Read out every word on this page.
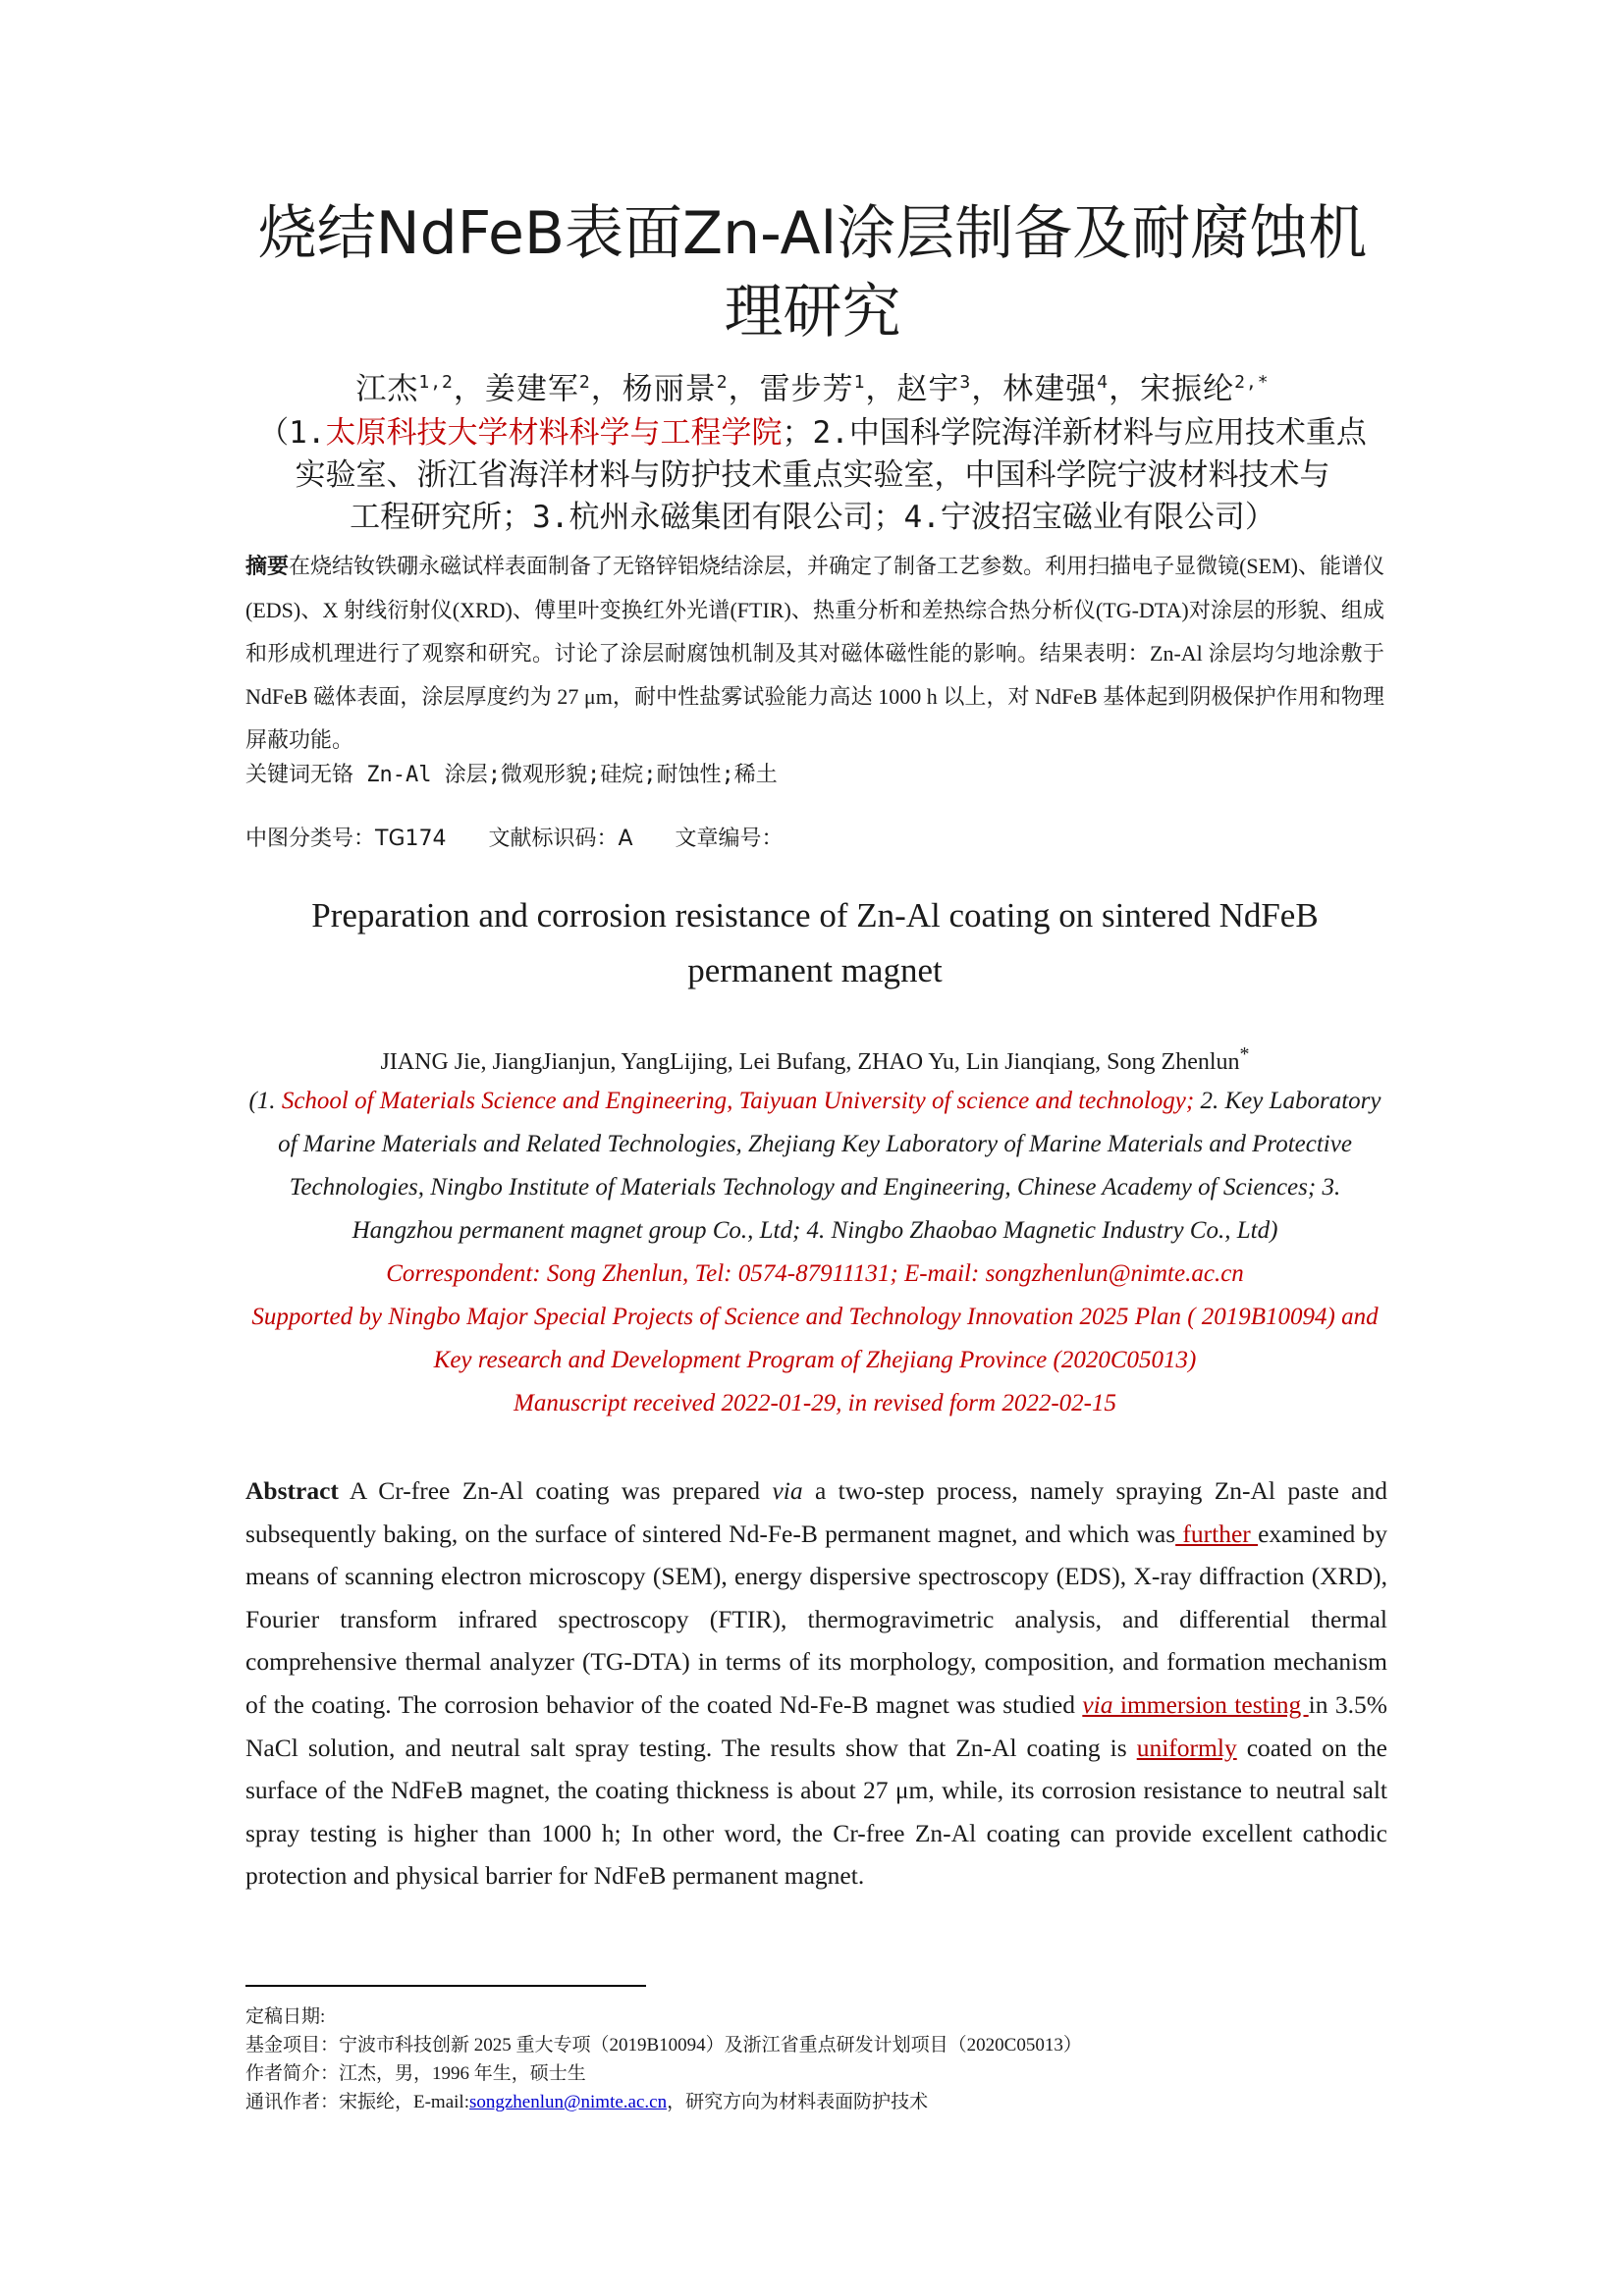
烧结NdFeB表面Zn-Al涂层制备及耐腐蚀机
理研究
江杰$^{1,2}$，姜建军$^2$，杨丽景$^2$，雷步芳$^1$，赵宇$^3$，林建强$^4$，宋振纶$^{2,*}$
（1.太原科技大学材料科学与工程学院；2.中国科学院海洋新材料与应用技术重点实验室、浙江省海洋材料与防护技术重点实验室，中国科学院宁波材料技术与
工程研究所；3.杭州永磁集团有限公司；4.宁波招宝磁业有限公司）
摘要在烧结钕铁硼永磁试样表面制备了无铬锌铝烧结涂层，并确定了制备工艺参数。利用扫描电子显微镜(SEM)、能谱仪(EDS)、X 射线衍射仪(XRD)、傅里叶变换红外光谱(FTIR)、热重分析和差热综合热分析仪(TG-DTA)对涂层的形貌、组成和形成机理进行了观察和研究。讨论了涂层耐腐蚀机制及其对磁体磁性能的影响。结果表明：Zn-Al 涂层均匀地涂敷于 NdFeB 磁体表面，涂层厚度约为 27 μm，耐中性盐雾试验能力高达 1000 h 以上，对 NdFeB 基体起到阴极保护作用和物理屏蔽功能。
关键词无铬 Zn-Al 涂层;微观形貌;硅烷;耐蚀性;稀土
中图分类号：TG174 文献标识码：A 文章编号：
Preparation and corrosion resistance of Zn-Al coating on sintered NdFeB
permanent magnet
JIANG Jie, JiangJianjun, YangLijing, Lei Bufang, ZHAO Yu, Lin Jianqiang, Song Zhenlun*
(1. School of Materials Science and Engineering, Taiyuan University of science and technology; 2. Key Laboratory of Marine Materials and Related Technologies, Zhejiang Key Laboratory of Marine Materials and Protective Technologies, Ningbo Institute of Materials Technology and Engineering, Chinese Academy of Sciences; 3. Hangzhou permanent magnet group Co., Ltd; 4. Ningbo Zhaobao Magnetic Industry Co., Ltd)
Correspondent: Song Zhenlun, Tel: 0574-87911131; E-mail: songzhenlun@nimte.ac.cn
Supported by Ningbo Major Special Projects of Science and Technology Innovation 2025 Plan ( 2019B10094) and Key research and Development Program of Zhejiang Province (2020C05013)
Manuscript received 2022-01-29, in revised form 2022-02-15
Abstract A Cr-free Zn-Al coating was prepared via a two-step process, namely spraying Zn-Al paste and subsequently baking, on the surface of sintered Nd-Fe-B permanent magnet, and which was further examined by means of scanning electron microscopy (SEM), energy dispersive spectroscopy (EDS), X-ray diffraction (XRD), Fourier transform infrared spectroscopy (FTIR), thermogravimetric analysis, and differential thermal comprehensive thermal analyzer (TG-DTA) in terms of its morphology, composition, and formation mechanism of the coating. The corrosion behavior of the coated Nd-Fe-B magnet was studied via immersion testing in 3.5% NaCl solution, and neutral salt spray testing. The results show that Zn-Al coating is uniformly coated on the surface of the NdFeB magnet, the coating thickness is about 27 μm, while, its corrosion resistance to neutral salt spray testing is higher than 1000 h; In other word, the Cr-free Zn-Al coating can provide excellent cathodic protection and physical barrier for NdFeB permanent magnet.
定稿日期:
基金项目：宁波市科技创新 2025 重大专项（2019B10094）及浙江省重点研发计划项目（2020C05013）
作者简介：江杰，男，1996 年生，硕士生
通讯作者：宋振纶，E-mail:songzhenlun@nimte.ac.cn，研究方向为材料表面防护技术
